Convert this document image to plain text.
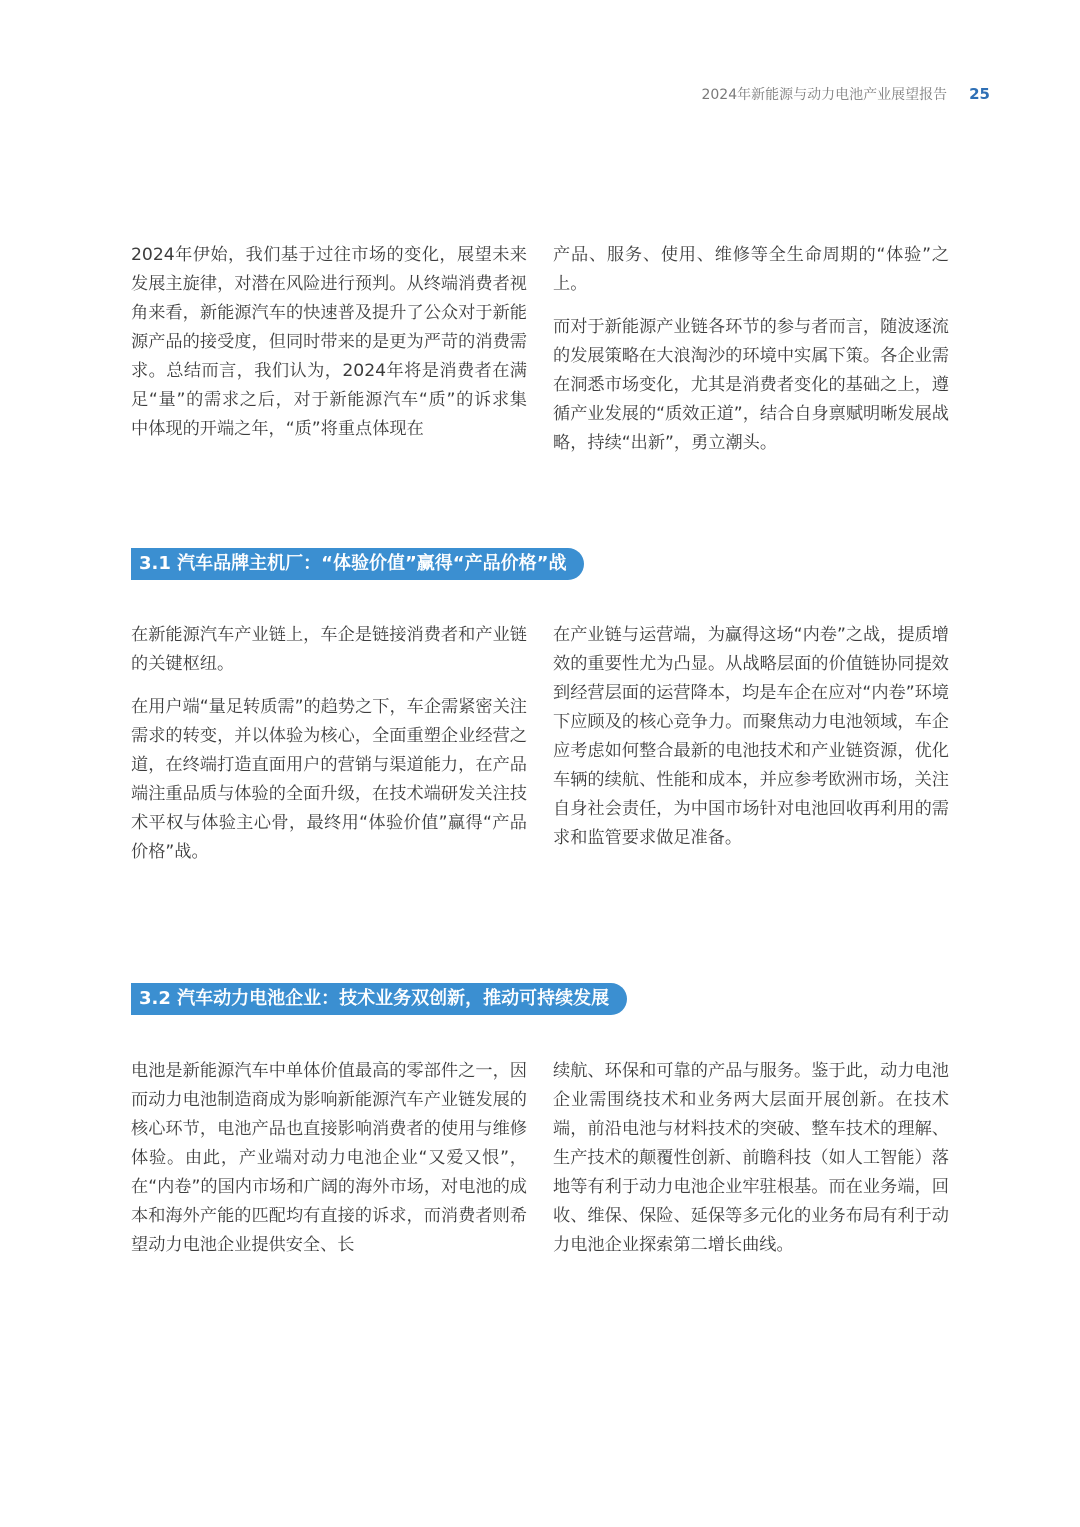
2024年新能源与动力电池产业展望报告 25

2024年伊始，我们基于过往市场的变化，展望未来发展主旋律，对潜在风险进行预判。从终端消费者视角来看，新能源汽车的快速普及提升了公众对于新能源产品的接受度，但同时带来的是更为严苛的消费需求。总结而言，我们认为，2024年将是消费者在满足“量”的需求之后，对于新能源汽车“质”的诉求集中体现的开端之年，“质”将重点体现在

产品、服务、使用、维修等全生命周期的“体验”之上。

而对于新能源产业链各环节的参与者而言，随波逐流的发展策略在大浪淘沙的环境中实属下策。各企业需在洞悉市场变化，尤其是消费者变化的基础之上，遵循产业发展的“质效正道”，结合自身禀赋明晰发展战略，持续“出新”，勇立潮头。

3.1 汽车品牌主机厂：“体验价值”赢得“产品价格”战

在新能源汽车产业链上，车企是链接消费者和产业链的关键枢纽。

在用户端“量足转质需”的趋势之下，车企需紧密关注需求的转变，并以体验为核心，全面重塑企业经营之道，在终端打造直面用户的营销与渠道能力，在产品端注重品质与体验的全面升级，在技术端研发关注技术平权与体验主心骨，最终用“体验价值”赢得“产品价格”战。

在产业链与运营端，为赢得这场“内卷”之战，提质增效的重要性尤为凸显。从战略层面的价值链协同提效到经营层面的运营降本，均是车企在应对“内卷”环境下应顾及的核心竞争力。而聚焦动力电池领域，车企应考虑如何整合最新的电池技术和产业链资源，优化车辆的续航、性能和成本，并应参考欧洲市场，关注自身社会责任，为中国市场针对电池回收再利用的需求和监管要求做足准备。

3.2 汽车动力电池企业：技术业务双创新，推动可持续发展

电池是新能源汽车中单体价值最高的零部件之一，因而动力电池制造商成为影响新能源汽车产业链发展的核心环节，电池产品也直接影响消费者的使用与维修体验。由此，产业端对动力电池企业“又爱又恨”，在“内卷”的国内市场和广阔的海外市场，对电池的成本和海外产能的匹配均有直接的诉求，而消费者则希望动力电池企业提供安全、长

续航、环保和可靠的产品与服务。鉴于此，动力电池企业需围绕技术和业务两大层面开展创新。在技术端，前沿电池与材料技术的突破、整车技术的理解、生产技术的颠覆性创新、前瞻科技（如人工智能）落地等有利于动力电池企业牢驻根基。而在业务端，回收、维保、保险、延保等多元化的业务布局有利于动力电池企业探索第二增长曲线。
